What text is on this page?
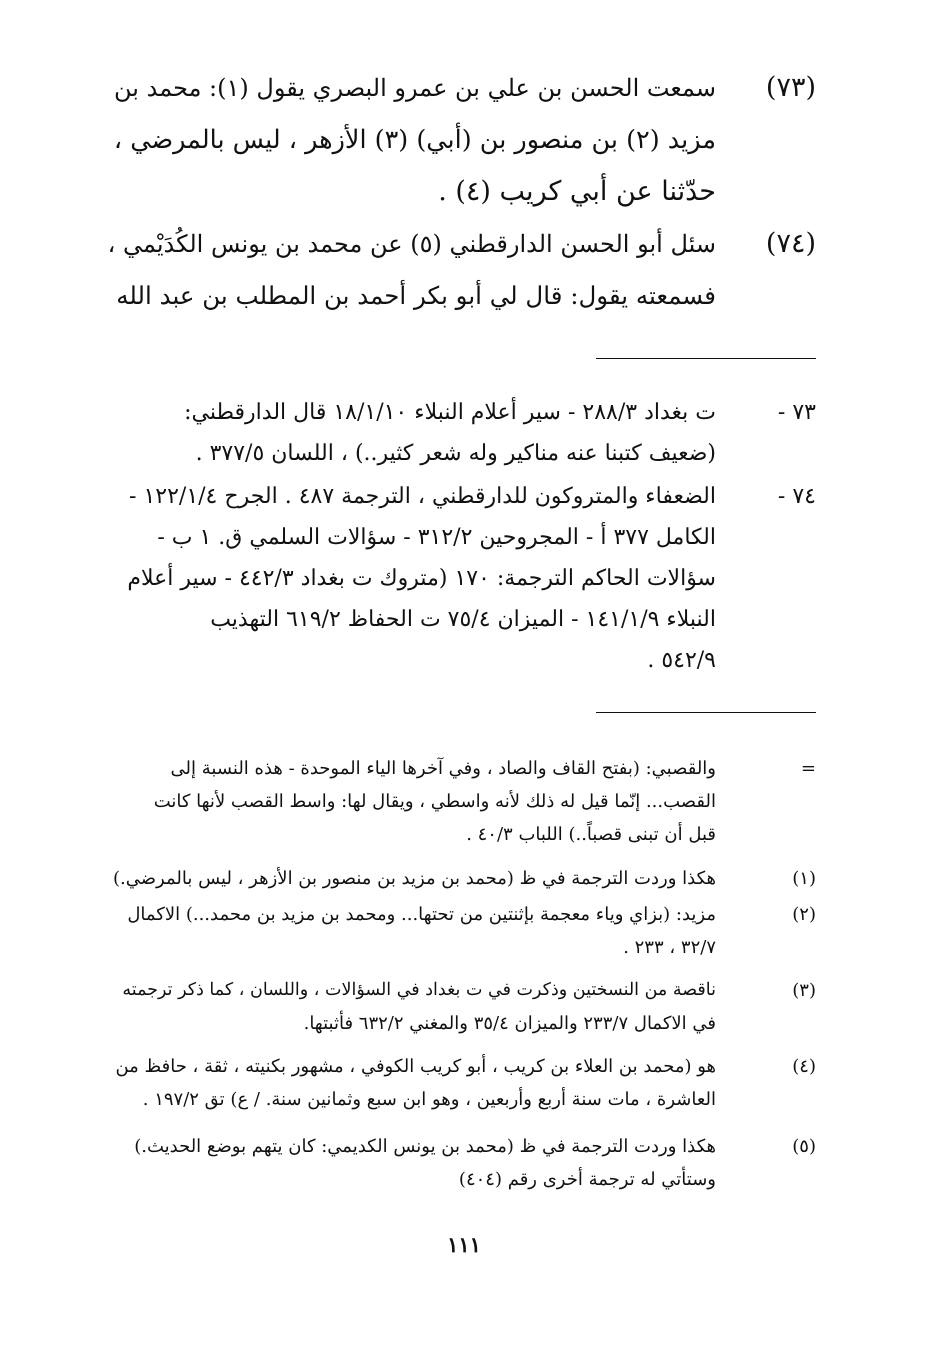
(٧٣)
سمعت الحسن بن علي بن عمرو البصري يقول (١): محمد بن
مزيد (٢) بن منصور بن (أبي) (٣) الأزهر ، ليس بالمرضي ،
حدّثنا عن أبي كريب (٤) .
(٧٤)
سئل أبو الحسن الدارقطني (٥) عن محمد بن يونس الكُدَيْمي ،
فسمعته يقول: قال لي أبو بكر أحمد بن المطلب بن عبد الله
٧٣ -
ت بغداد ٢٨٨/٣ - سير أعلام النبلاء ١٨/١/١٠ قال الدارقطني:
(ضعيف كتبنا عنه مناكير وله شعر كثير..) ، اللسان ٣٧٧/٥ .
٧٤ -
الضعفاء والمتروكون للدارقطني ، الترجمة ٤٨٧ . الجرح ١٢٢/١/٤ -
الكامل ٣٧٧ أ - المجروحين ٣١٢/٢ - سؤالات السلمي ق. ١ ب -
سؤالات الحاكم الترجمة: ١٧٠ (متروك ت بغداد ٤٤٢/٣ - سير أعلام
النبلاء ١٤١/١/٩ - الميزان ٧٥/٤ ت الحفاظ ٦١٩/٢ التهذيب
٥٤٢/٩ .
=
والقصبي: (بفتح القاف والصاد ، وفي آخرها الياء الموحدة - هذه النسبة إلى
القصب... إنّما قيل له ذلك لأنه واسطي ، ويقال لها: واسط القصب لأنها كانت
قبل أن تبنى قصباً..) اللباب ٤٠/٣ .
(١)
هكذا وردت الترجمة في ظ (محمد بن مزيد بن منصور بن الأزهر ، ليس بالمرضي.)
(٢)
مزيد: (بزاي وياء معجمة بإثنتين من تحتها... ومحمد بن مزيد بن محمد...) الاكمال
٣٢/٧ ، ٢٣٣ .
(٣)
ناقصة من النسختين وذكرت في ت بغداد في السؤالات ، واللسان ، كما ذكر ترجمته
في الاكمال ٢٣٣/٧ والميزان ٣٥/٤ والمغني ٦٣٢/٢ فأثبتها.
(٤)
هو (محمد بن العلاء بن كريب ، أبو كريب الكوفي ، مشهور بكنيته ، ثقة ، حافظ من
العاشرة ، مات سنة أربع وأربعين ، وهو ابن سبع وثمانين سنة. / ع) تق ١٩٧/٢ .
(٥)
هكذا وردت الترجمة في ظ (محمد بن يونس الكديمي: كان يتهم بوضع الحديث.)
وستأتي له ترجمة أخرى رقم (٤٠٤)
١١١
